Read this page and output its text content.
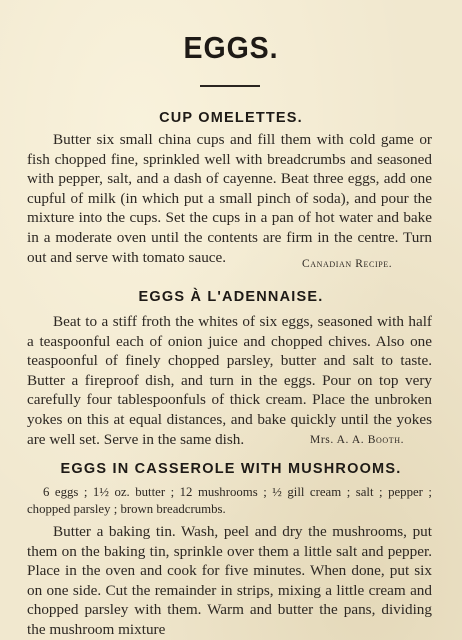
EGGS.
CUP OMELETTES.

Butter six small china cups and fill them with cold game or fish chopped fine, sprinkled well with breadcrumbs and seasoned with pepper, salt, and a dash of cayenne. Beat three eggs, add one cupful of milk (in which put a small pinch of soda), and pour the mixture into the cups. Set the cups in a pan of hot water and bake in a moderate oven until the contents are firm in the centre. Turn out and serve with tomato sauce.	Canadian Recipe.
EGGS À L'ADENNAISE.

Beat to a stiff froth the whites of six eggs, seasoned with half a teaspoonful each of onion juice and chopped chives. Also one teaspoonful of finely chopped parsley, butter and salt to taste. Butter a fireproof dish, and turn in the eggs. Pour on top very carefully four tablespoonfuls of thick cream. Place the unbroken yokes on this at equal distances, and bake quickly until the yokes are well set. Serve in the same dish.	Mrs. A. A. Booth.
EGGS IN CASSEROLE WITH MUSHROOMS.

6 eggs ; 1½ oz. butter ; 12 mushrooms ; ½ gill cream ; salt ; pepper ; chopped parsley ; brown breadcrumbs.

Butter a baking tin. Wash, peel and dry the mushrooms, put them on the baking tin, sprinkle over them a little salt and pepper. Place in the oven and cook for five minutes. When done, put six on one side. Cut the remainder in strips, mixing a little cream and chopped parsley with them. Warm and butter the pans, dividing the mushroom mixture
